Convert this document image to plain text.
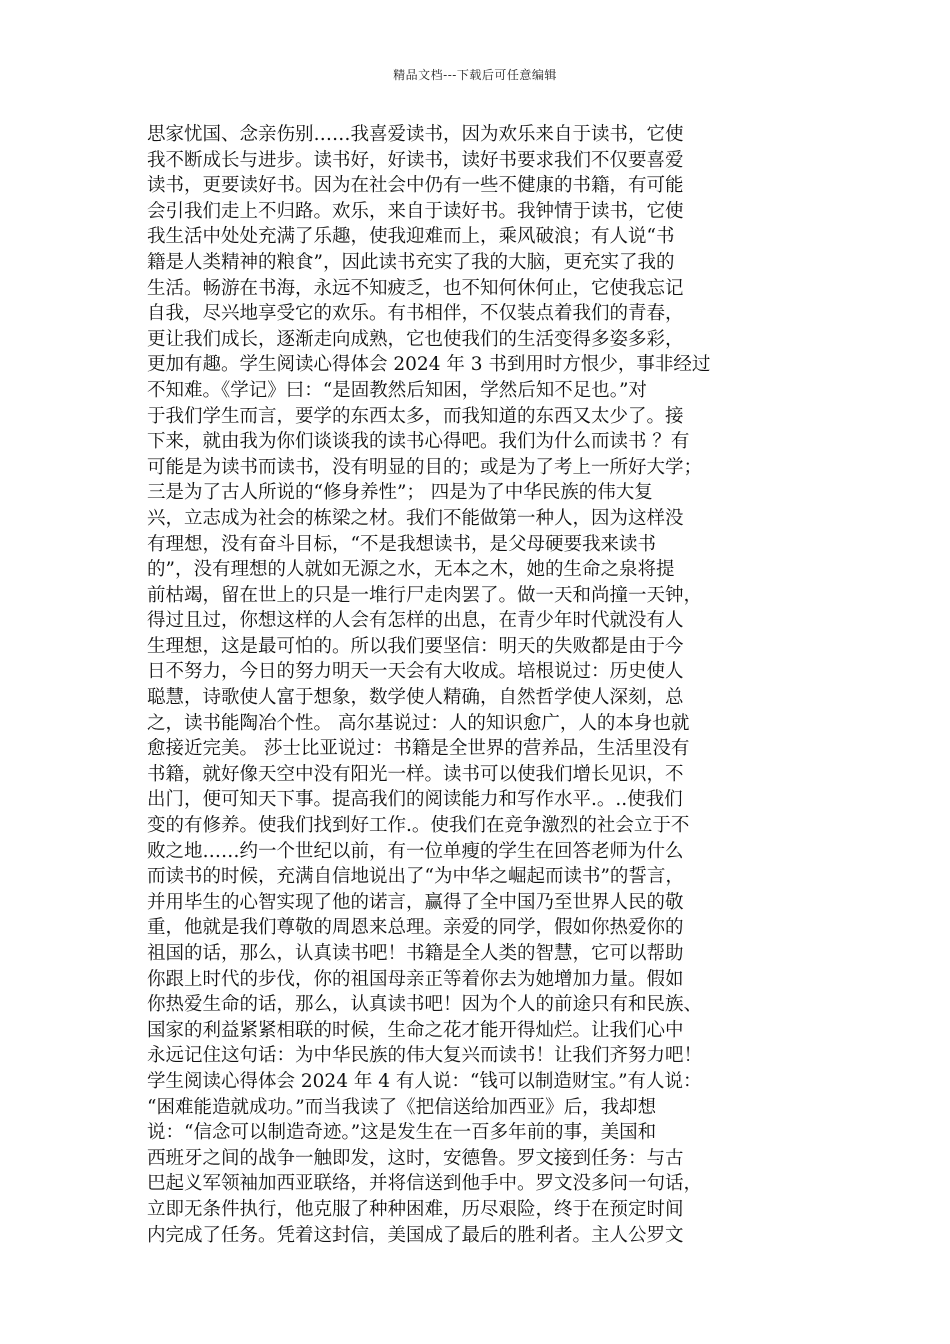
精品文档---下载后可任意编辑
思家忧国、念亲伤别……我喜爱读书，因为欢乐来自于读书，它使
我不断成长与进步。读书好，好读书，读好书要求我们不仅要喜爱
读书，更要读好书。因为在社会中仍有一些不健康的书籍，有可能
会引我们走上不归路。欢乐，来自于读好书。我钟情于读书，它使
我生活中处处充满了乐趣，使我迎难而上，乘风破浪；有人说“书
籍是人类精神的粮食”，因此读书充实了我的大脑，更充实了我的
生活。畅游在书海，永远不知疲乏，也不知何休何止，它使我忘记
自我，尽兴地享受它的欢乐。有书相伴，不仅装点着我们的青春，
更让我们成长，逐渐走向成熟，它也使我们的生活变得多姿多彩，
更加有趣。学生阅读心得体会 2024 年 3 书到用时方恨少，事非经过
不知难。《学记》曰：“是固教然后知困，学然后知不足也。”对
于我们学生而言，要学的东西太多，而我知道的东西又太少了。接
下来，就由我为你们谈谈我的读书心得吧。我们为什么而读书 ？有
可能是为读书而读书，没有明显的目的；或是为了考上一所好大学；
三是为了古人所说的“修身养性”； 四是为了中华民族的伟大复
兴，立志成为社会的栋梁之材。我们不能做第一种人，因为这样没
有理想，没有奋斗目标，“不是我想读书，是父母硬要我来读书
的”，没有理想的人就如无源之水，无本之木，她的生命之泉将提
前枯竭，留在世上的只是一堆行尸走肉罢了。做一天和尚撞一天钟，
得过且过，你想这样的人会有怎样的出息，在青少年时代就没有人
生理想，这是最可怕的。所以我们要坚信：明天的失败都是由于今
日不努力，今日的努力明天一天会有大收成。培根说过：历史使人
聪慧，诗歌使人富于想象，数学使人精确，自然哲学使人深刻，总
之，读书能陶冶个性。 高尔基说过：人的知识愈广，人的本身也就
愈接近完美。 莎士比亚说过：书籍是全世界的营养品，生活里没有
书籍，就好像天空中没有阳光一样。读书可以使我们增长见识，不
出门，便可知天下事。提高我们的阅读能力和写作水平.。..使我们
变的有修养。使我们找到好工作.。使我们在竞争激烈的社会立于不
败之地……约一个世纪以前，有一位单瘦的学生在回答老师为什么
而读书的时候，充满自信地说出了“为中华之崛起而读书”的誓言，
并用毕生的心智实现了他的诺言，赢得了全中国乃至世界人民的敬
重，他就是我们尊敬的周恩来总理。亲爱的同学，假如你热爱你的
祖国的话，那么，认真读书吧！书籍是全人类的智慧，它可以帮助
你跟上时代的步伐，你的祖国母亲正等着你去为她增加力量。假如
你热爱生命的话，那么，认真读书吧！因为个人的前途只有和民族、
国家的利益紧紧相联的时候，生命之花才能开得灿烂。让我们心中
永远记住这句话：为中华民族的伟大复兴而读书！让我们齐努力吧！
学生阅读心得体会 2024 年 4 有人说：“钱可以制造财宝。”有人说：
“困难能造就成功。”而当我读了《把信送给加西亚》后，我却想
说：“信念可以制造奇迹。”这是发生在一百多年前的事，美国和
西班牙之间的战争一触即发，这时，安德鲁。罗文接到任务：与古
巴起义军领袖加西亚联络，并将信送到他手中。罗文没多问一句话，
立即无条件执行，他克服了种种困难，历尽艰险，终于在预定时间
内完成了任务。凭着这封信，美国成了最后的胜利者。主人公罗文
